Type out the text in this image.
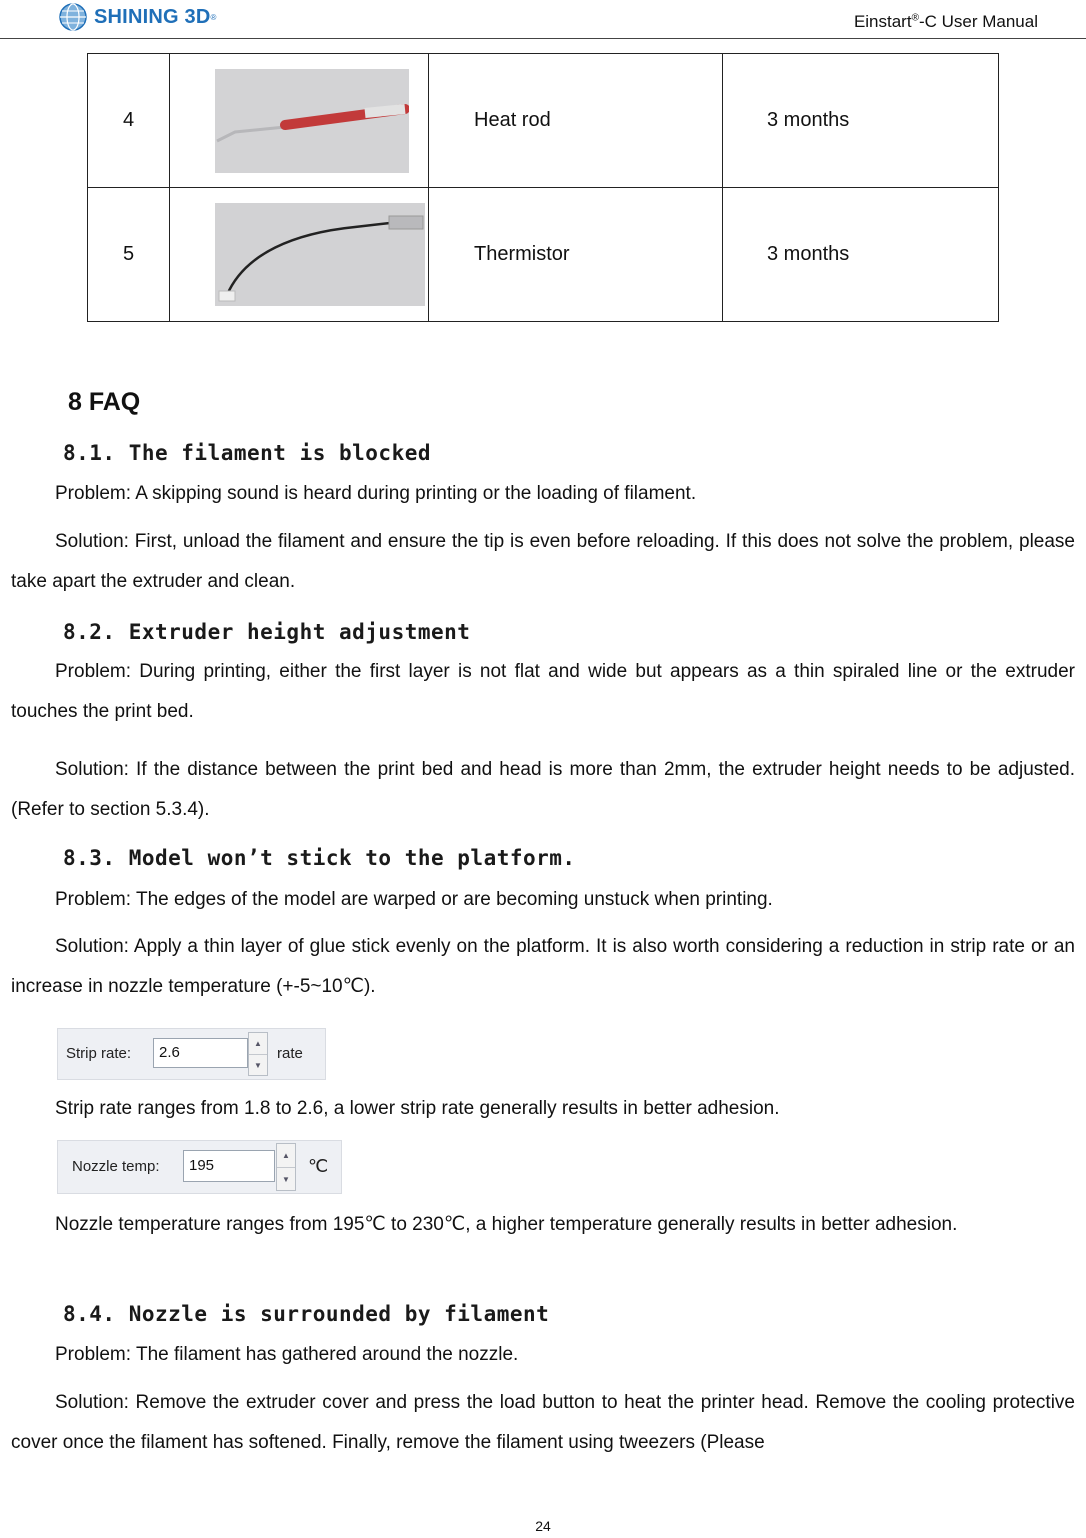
SHINING 3D ®	Einstart®-C User Manual
4		Heat rod	3 months
5		Thermistor	3 months
8 FAQ
8.1. The filament is blocked
Problem: A skipping sound is heard during printing or the loading of filament.
Solution: First, unload the filament and ensure the tip is even before reloading. If this does not solve the problem, please take apart the extruder and clean.
8.2. Extruder height adjustment
Problem: During printing, either the first layer is not flat and wide but appears as a thin spiraled line or the extruder touches the print bed.
Solution: If the distance between the print bed and head is more than 2mm, the extruder height needs to be adjusted. (Refer to section 5.3.4).
8.3. Model won’t stick to the platform.
Problem: The edges of the model are warped or are becoming unstuck when printing.
Solution: Apply a thin layer of glue stick evenly on the platform. It is also worth considering a reduction in strip rate or an increase in nozzle temperature (+-5~10℃).
Strip rate:	2.6
▲
▼
rate
Strip rate ranges from 1.8 to 2.6, a lower strip rate generally results in better adhesion.
Nozzle temp:	195
▲
▼
℃
Nozzle temperature ranges from 195℃ to 230℃, a higher temperature generally results in better adhesion.
8.4. Nozzle is surrounded by filament
Problem: The filament has gathered around the nozzle.
Solution: Remove the extruder cover and press the load button to heat the printer head. Remove the cooling protective cover once the filament has softened. Finally, remove the filament using tweezers (Please
24
